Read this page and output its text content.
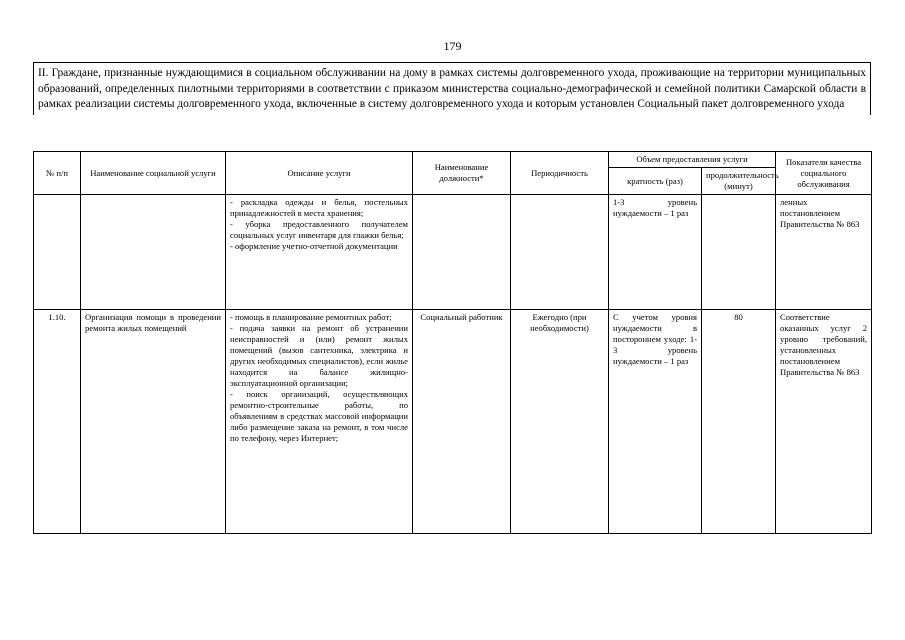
179
II. Граждане, признанные нуждающимися в социальном обслуживании на дому в рамках системы долговременного ухода, проживающие на территории муниципальных образований, определенных пилотными территориями в соответствии с приказом министерства социально-демографической и семейной политики Самарской области в рамках реализации системы долговременного ухода, включенные в систему долговременного ухода и которым установлен Социальный пакет долговременного ухода
№ п/п	Наименование социальной услуги	Описание услуги	Наименование должности*	Периодичность	Объем предоставления услуги		Показатели качества социального обслуживания
					кратность (раз)	продолжительность (минут)	

		- раскладка одежды и белья, постельных принадлежностей в места хранения;
- уборка предоставленного получателем социальных услуг инвентаря для глажки белья;
- оформление учетно-отчетной документации			1-3 уровень нуждаемости – 1 раз		ленных постановлением Правительства № 863
1.10.	Организация помощи в проведении ремонта жилых помещений	- помощь в планирование ремонтных работ;
- подача заявки на ремонт об устранении неисправностей и (или) ремонт жилых помещений (вызов сантехника, электрика и других необходимых специалистов), если жилье находится на балансе жилищно-эксплуатационной организации;
- поиск организаций, осуществляющих ремонтно-строительные работы, по объявлениям в средствах массовой информации либо размещение заказа на ремонт, в том числе по телефону, через Интернет;	Социальный работник	Ежегодно (при необходимости)	С учетом уровня нуждаемости в постороннем уходе: 1-3 уровень нуждаемости – 1 раз	80	Соответствие оказанных услуг 2 уровню требований, установленных постановлением Правительства № 863
